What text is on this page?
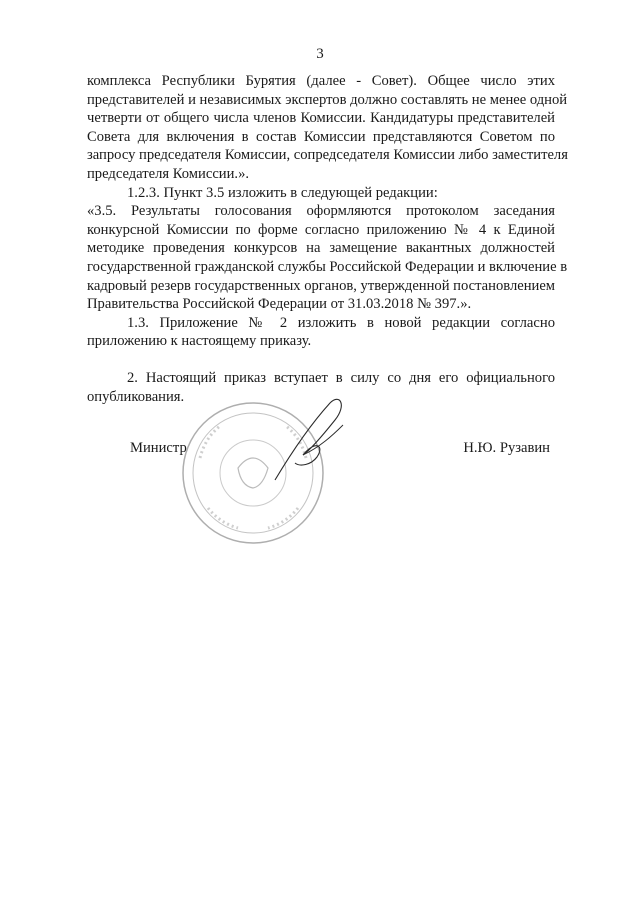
3
комплекса Республики Бурятия (далее - Совет). Общее число этих
представителей и независимых экспертов должно составлять не менее одной
четверти от общего числа членов Комиссии. Кандидатуры представителей
Совета для включения в состав Комиссии представляются Советом по
запросу председателя Комиссии, сопредседателя Комиссии либо заместителя
председателя Комиссии.».
1.2.3. Пункт 3.5 изложить в следующей редакции:
«3.5. Результаты голосования оформляются протоколом заседания
конкурсной Комиссии по форме согласно приложению № 4 к Единой
методике проведения конкурсов на замещение вакантных должностей
государственной гражданской службы Российской Федерации и включение в
кадровый резерв государственных органов, утвержденной постановлением
Правительства Российской Федерации от 31.03.2018 № 397.».
1.3. Приложение № 2 изложить в новой редакции согласно
приложению к настоящему приказу.
2. Настоящий приказ вступает в силу со дня его официального
опубликования.
Министр	Н.Ю. Рузавин
